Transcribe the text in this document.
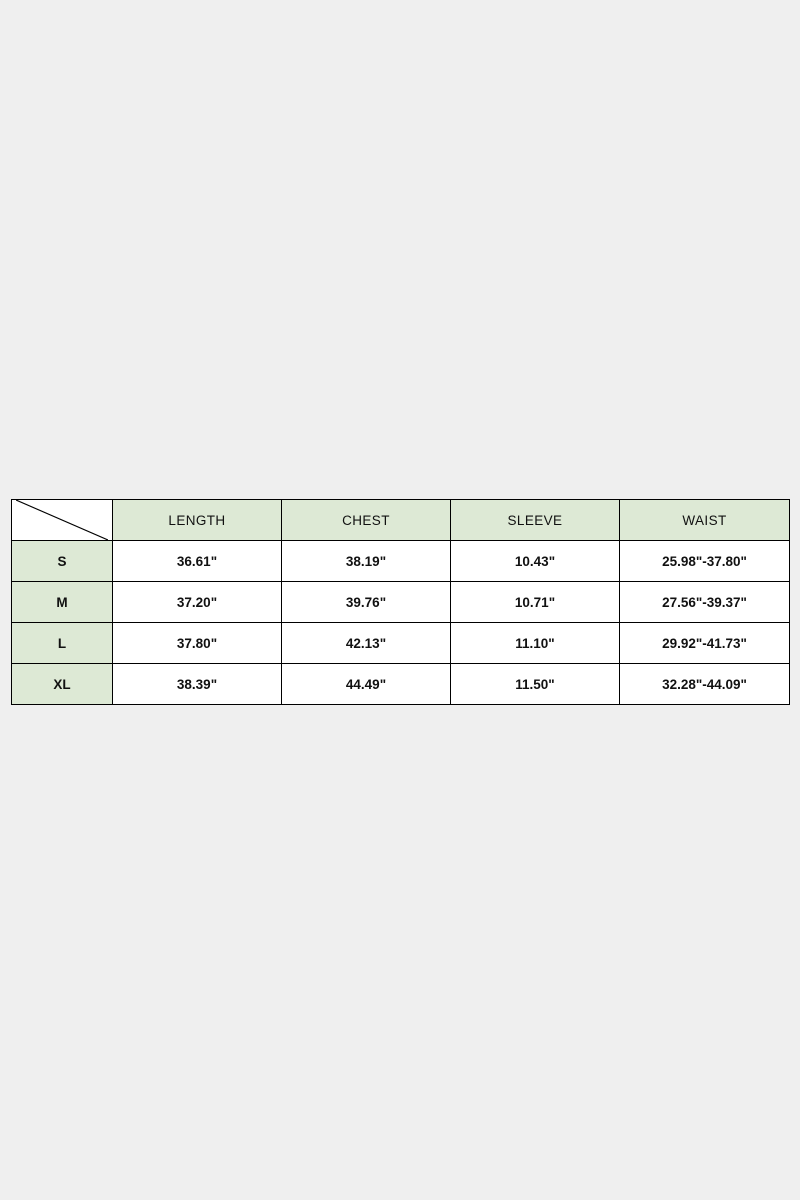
	LENGTH	CHEST	SLEEVE	WAIST
S	36.61"	38.19"	10.43"	25.98"-37.80"
M	37.20"	39.76"	10.71"	27.56"-39.37"
L	37.80"	42.13"	11.10"	29.92"-41.73"
XL	38.39"	44.49"	11.50"	32.28"-44.09"
